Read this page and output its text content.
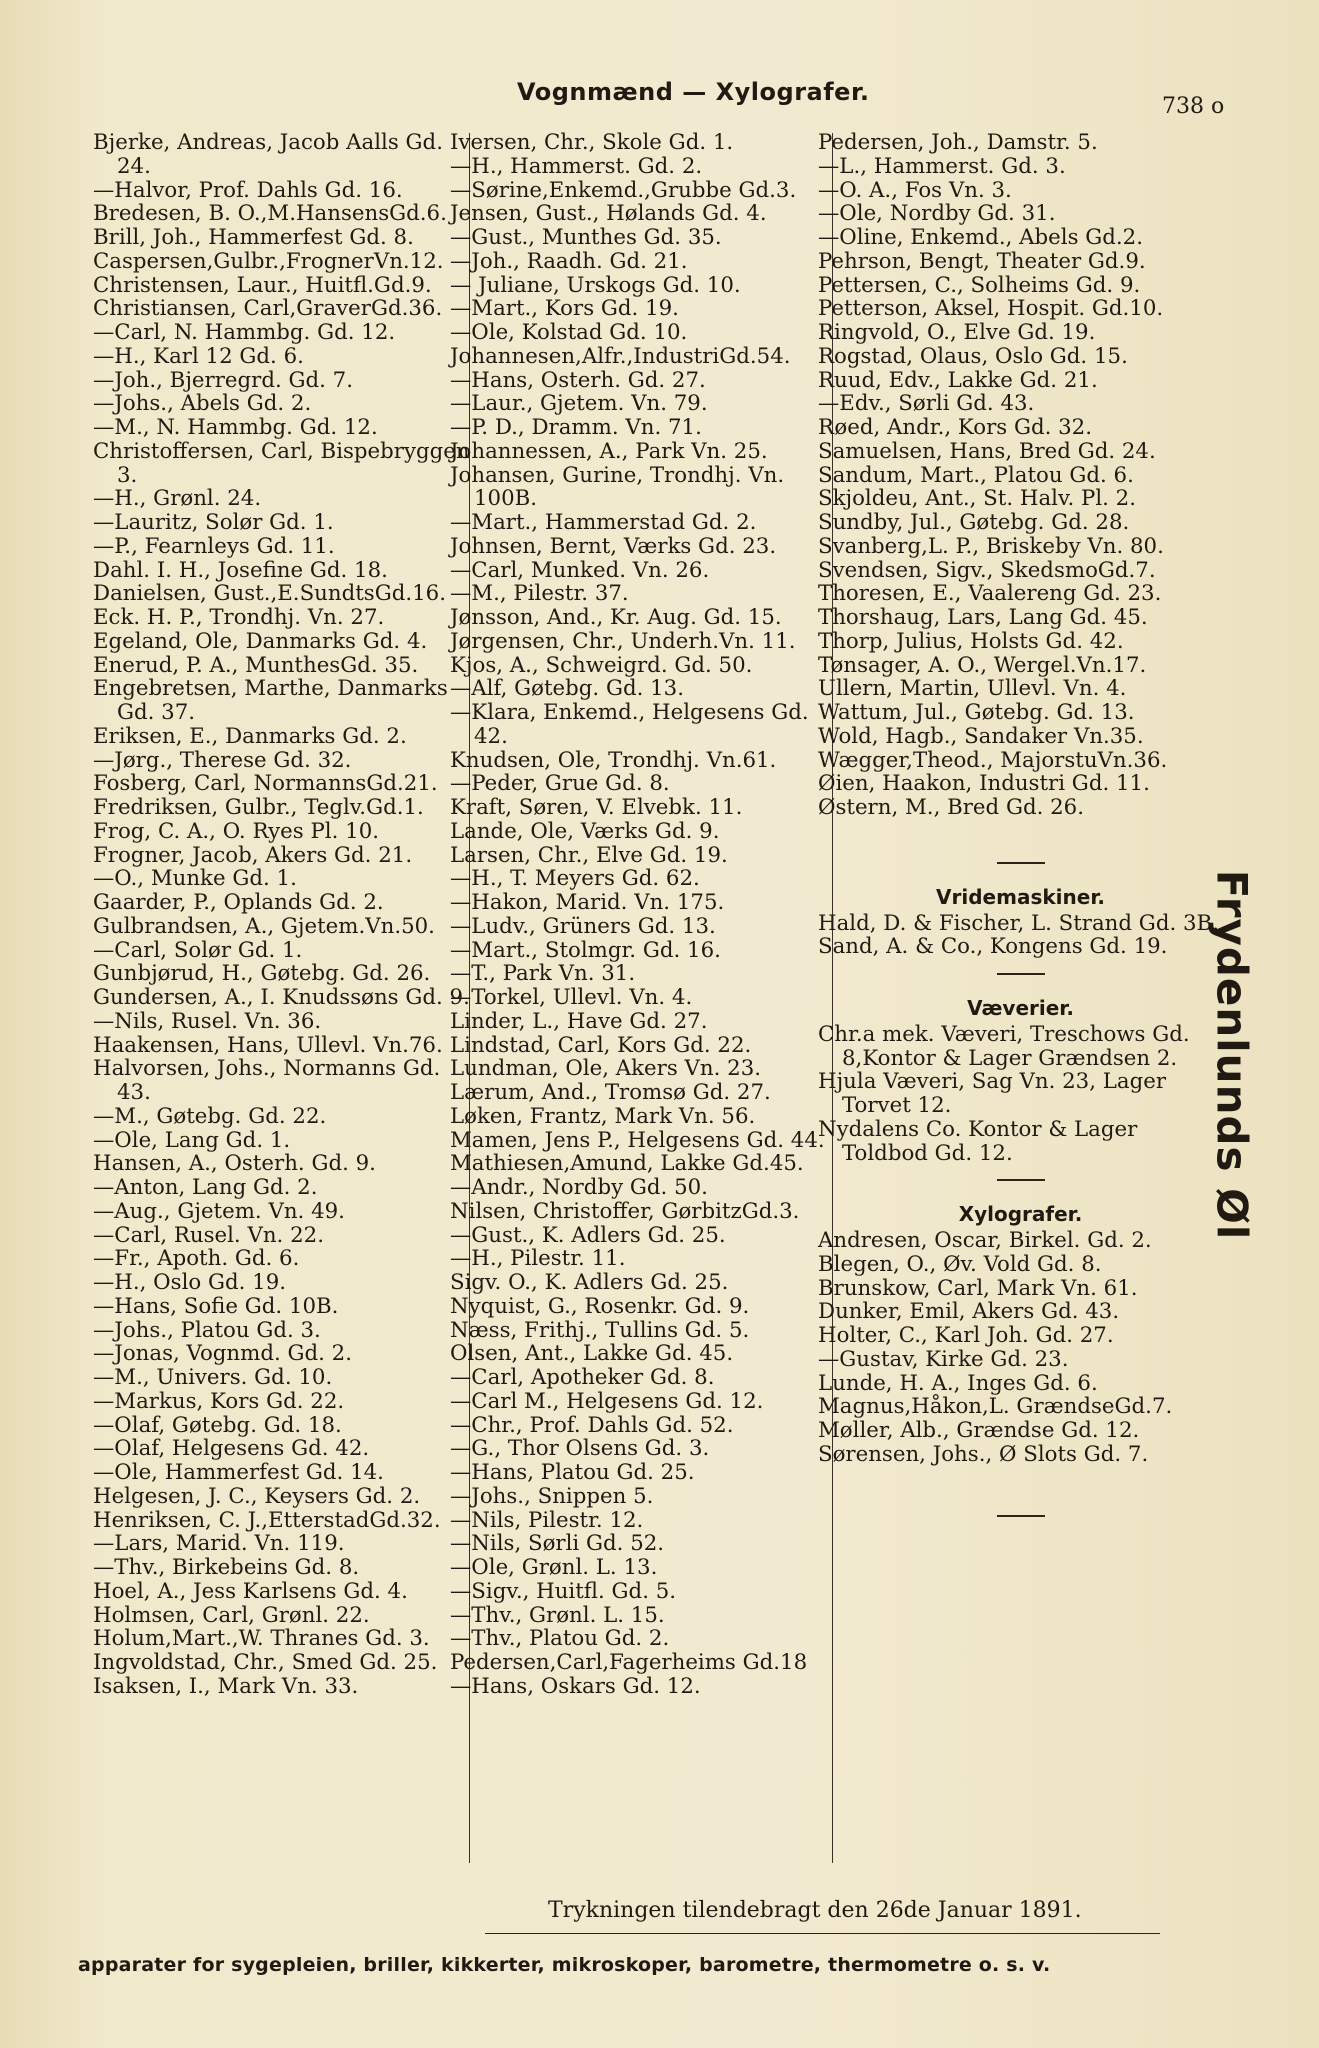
Vognmænd — Xylografer.
738 o
Bjerke, Andreas, Jacob Aalls Gd. 24.
—Halvor, Prof. Dahls Gd. 16.
Bredesen, B. O.,M.HansensGd.6.
Brill, Joh., Hammerfest Gd. 8.
Caspersen,Gulbr.,FrognerVn.12.
Christensen, Laur., Huitfl.Gd.9.
Christiansen, Carl,GraverGd.36.
—Carl, N. Hammbg. Gd. 12.
—H., Karl 12 Gd. 6.
—Joh., Bjerregrd. Gd. 7.
—Johs., Abels Gd. 2.
—M., N. Hammbg. Gd. 12.
Christoffersen, Carl, Bispebryggen 3.
—H., Grønl. 24.
—Lauritz, Solør Gd. 1.
—P., Fearnleys Gd. 11.
Dahl. I. H., Josefine Gd. 18.
Danielsen, Gust.,E.SundtsGd.16.
Eck. H. P., Trondhj. Vn. 27.
Egeland, Ole, Danmarks Gd. 4.
Enerud, P. A., MunthesGd. 35.
Engebretsen, Marthe, Danmarks Gd. 37.
Eriksen, E., Danmarks Gd. 2.
—Jørg., Therese Gd. 32.
Fosberg, Carl, NormannsGd.21.
Fredriksen, Gulbr., Teglv.Gd.1.
Frog, C. A., O. Ryes Pl. 10.
Frogner, Jacob, Akers Gd. 21.
—O., Munke Gd. 1.
Gaarder, P., Oplands Gd. 2.
Gulbrandsen, A., Gjetem.Vn.50.
—Carl, Solør Gd. 1.
Gunbjørud, H., Gøtebg. Gd. 26.
Gundersen, A., I. Knudssøns Gd. 9.
—Nils, Rusel. Vn. 36.
Haakensen, Hans, Ullevl. Vn.76.
Halvorsen, Johs., Normanns Gd. 43.
—M., Gøtebg. Gd. 22.
—Ole, Lang Gd. 1.
Hansen, A., Osterh. Gd. 9.
—Anton, Lang Gd. 2.
—Aug., Gjetem. Vn. 49.
—Carl, Rusel. Vn. 22.
—Fr., Apoth. Gd. 6.
—H., Oslo Gd. 19.
—Hans, Sofie Gd. 10B.
—Johs., Platou Gd. 3.
—Jonas, Vognmd. Gd. 2.
—M., Univers. Gd. 10.
—Markus, Kors Gd. 22.
—Olaf, Gøtebg. Gd. 18.
—Olaf, Helgesens Gd. 42.
—Ole, Hammerfest Gd. 14.
Helgesen, J. C., Keysers Gd. 2.
Henriksen, C. J.,EtterstadGd.32.
—Lars, Marid. Vn. 119.
—Thv., Birkebeins Gd. 8.
Hoel, A., Jess Karlsens Gd. 4.
Holmsen, Carl, Grønl. 22.
Holum,Mart.,W. Thranes Gd. 3.
Ingvoldstad, Chr., Smed Gd. 25.
Isaksen, I., Mark Vn. 33.
Iversen, Chr., Skole Gd. 1.
—H., Hammerst. Gd. 2.
—Sørine,Enkemd.,Grubbe Gd.3.
Jensen, Gust., Hølands Gd. 4.
—Gust., Munthes Gd. 35.
—Joh., Raadh. Gd. 21.
— Juliane, Urskogs Gd. 10.
—Mart., Kors Gd. 19.
—Ole, Kolstad Gd. 10.
Johannesen,Alfr.,IndustriGd.54.
—Hans, Osterh. Gd. 27.
—Laur., Gjetem. Vn. 79.
—P. D., Dramm. Vn. 71.
Johannessen, A., Park Vn. 25.
Johansen, Gurine, Trondhj. Vn. 100B.
—Mart., Hammerstad Gd. 2.
Johnsen, Bernt, Værks Gd. 23.
—Carl, Munked. Vn. 26.
—M., Pilestr. 37.
Jønsson, And., Kr. Aug. Gd. 15.
Jørgensen, Chr., Underh.Vn. 11.
Kjos, A., Schweigrd. Gd. 50.
—Alf, Gøtebg. Gd. 13.
—Klara, Enkemd., Helgesens Gd. 42.
Knudsen, Ole, Trondhj. Vn.61.
—Peder, Grue Gd. 8.
Kraft, Søren, V. Elvebk. 11.
Lande, Ole, Værks Gd. 9.
Larsen, Chr., Elve Gd. 19.
—H., T. Meyers Gd. 62.
—Hakon, Marid. Vn. 175.
—Ludv., Grüners Gd. 13.
—Mart., Stolmgr. Gd. 16.
—T., Park Vn. 31.
—Torkel, Ullevl. Vn. 4.
Linder, L., Have Gd. 27.
Lindstad, Carl, Kors Gd. 22.
Lundman, Ole, Akers Vn. 23.
Lærum, And., Tromsø Gd. 27.
Løken, Frantz, Mark Vn. 56.
Mamen, Jens P., Helgesens Gd. 44.
Mathiesen,Amund, Lakke Gd.45.
—Andr., Nordby Gd. 50.
Nilsen, Christoffer, GørbitzGd.3.
—Gust., K. Adlers Gd. 25.
—H., Pilestr. 11.
Sigv. O., K. Adlers Gd. 25.
Nyquist, G., Rosenkr. Gd. 9.
Næss, Frithj., Tullins Gd. 5.
Olsen, Ant., Lakke Gd. 45.
—Carl, Apotheker Gd. 8.
—Carl M., Helgesens Gd. 12.
—Chr., Prof. Dahls Gd. 52.
—G., Thor Olsens Gd. 3.
—Hans, Platou Gd. 25.
—Johs., Snippen 5.
—Nils, Pilestr. 12.
—Nils, Sørli Gd. 52.
—Ole, Grønl. L. 13.
—Sigv., Huitfl. Gd. 5.
—Thv., Grønl. L. 15.
—Thv., Platou Gd. 2.
Pedersen,Carl,Fagerheims Gd.18
—Hans, Oskars Gd. 12.
Pedersen, Joh., Damstr. 5.
—L., Hammerst. Gd. 3.
—O. A., Fos Vn. 3.
—Ole, Nordby Gd. 31.
—Oline, Enkemd., Abels Gd.2.
Pehrson, Bengt, Theater Gd.9.
Pettersen, C., Solheims Gd. 9.
Petterson, Aksel, Hospit. Gd.10.
Ringvold, O., Elve Gd. 19.
Rogstad, Olaus, Oslo Gd. 15.
Ruud, Edv., Lakke Gd. 21.
—Edv., Sørli Gd. 43.
Røed, Andr., Kors Gd. 32.
Samuelsen, Hans, Bred Gd. 24.
Sandum, Mart., Platou Gd. 6.
Skjoldeu, Ant., St. Halv. Pl. 2.
Sundby, Jul., Gøtebg. Gd. 28.
Svanberg,L. P., Briskeby Vn. 80.
Svendsen, Sigv., SkedsmoGd.7.
Thoresen, E., Vaalereng Gd. 23.
Thorshaug, Lars, Lang Gd. 45.
Thorp, Julius, Holsts Gd. 42.
Tønsager, A. O., Wergel.Vn.17.
Ullern, Martin, Ullevl. Vn. 4.
Wattum, Jul., Gøtebg. Gd. 13.
Wold, Hagb., Sandaker Vn.35.
Wægger,Theod., MajorstuVn.36.
Øien, Haakon, Industri Gd. 11.
Østern, M., Bred Gd. 26.
Vridemaskiner.
Hald, D. & Fischer, L. Strand Gd. 3B.
Sand, A. & Co., Kongens Gd. 19.
Væverier.
Chr.a mek. Væveri, Treschows Gd. 8,Kontor & Lager Grændsen 2.
Hjula Væveri, Sag Vn. 23, Lager Torvet 12.
Nydalens Co. Kontor & Lager Toldbod Gd. 12.
Xylografer.
Andresen, Oscar, Birkel. Gd. 2.
Blegen, O., Øv. Vold Gd. 8.
Brunskow, Carl, Mark Vn. 61.
Dunker, Emil, Akers Gd. 43.
Holter, C., Karl Joh. Gd. 27.
—Gustav, Kirke Gd. 23.
Lunde, H. A., Inges Gd. 6.
Magnus,Håkon,L. GrændseGd.7.
Møller, Alb., Grændse Gd. 12.
Sørensen, Johs., Ø Slots Gd. 7.
Frydenlunds Øl
Trykningen tilendebragt den 26de Januar 1891.
apparater for sygepleien, briller, kikkerter, mikroskoper, barometre, thermometre o. s. v.
